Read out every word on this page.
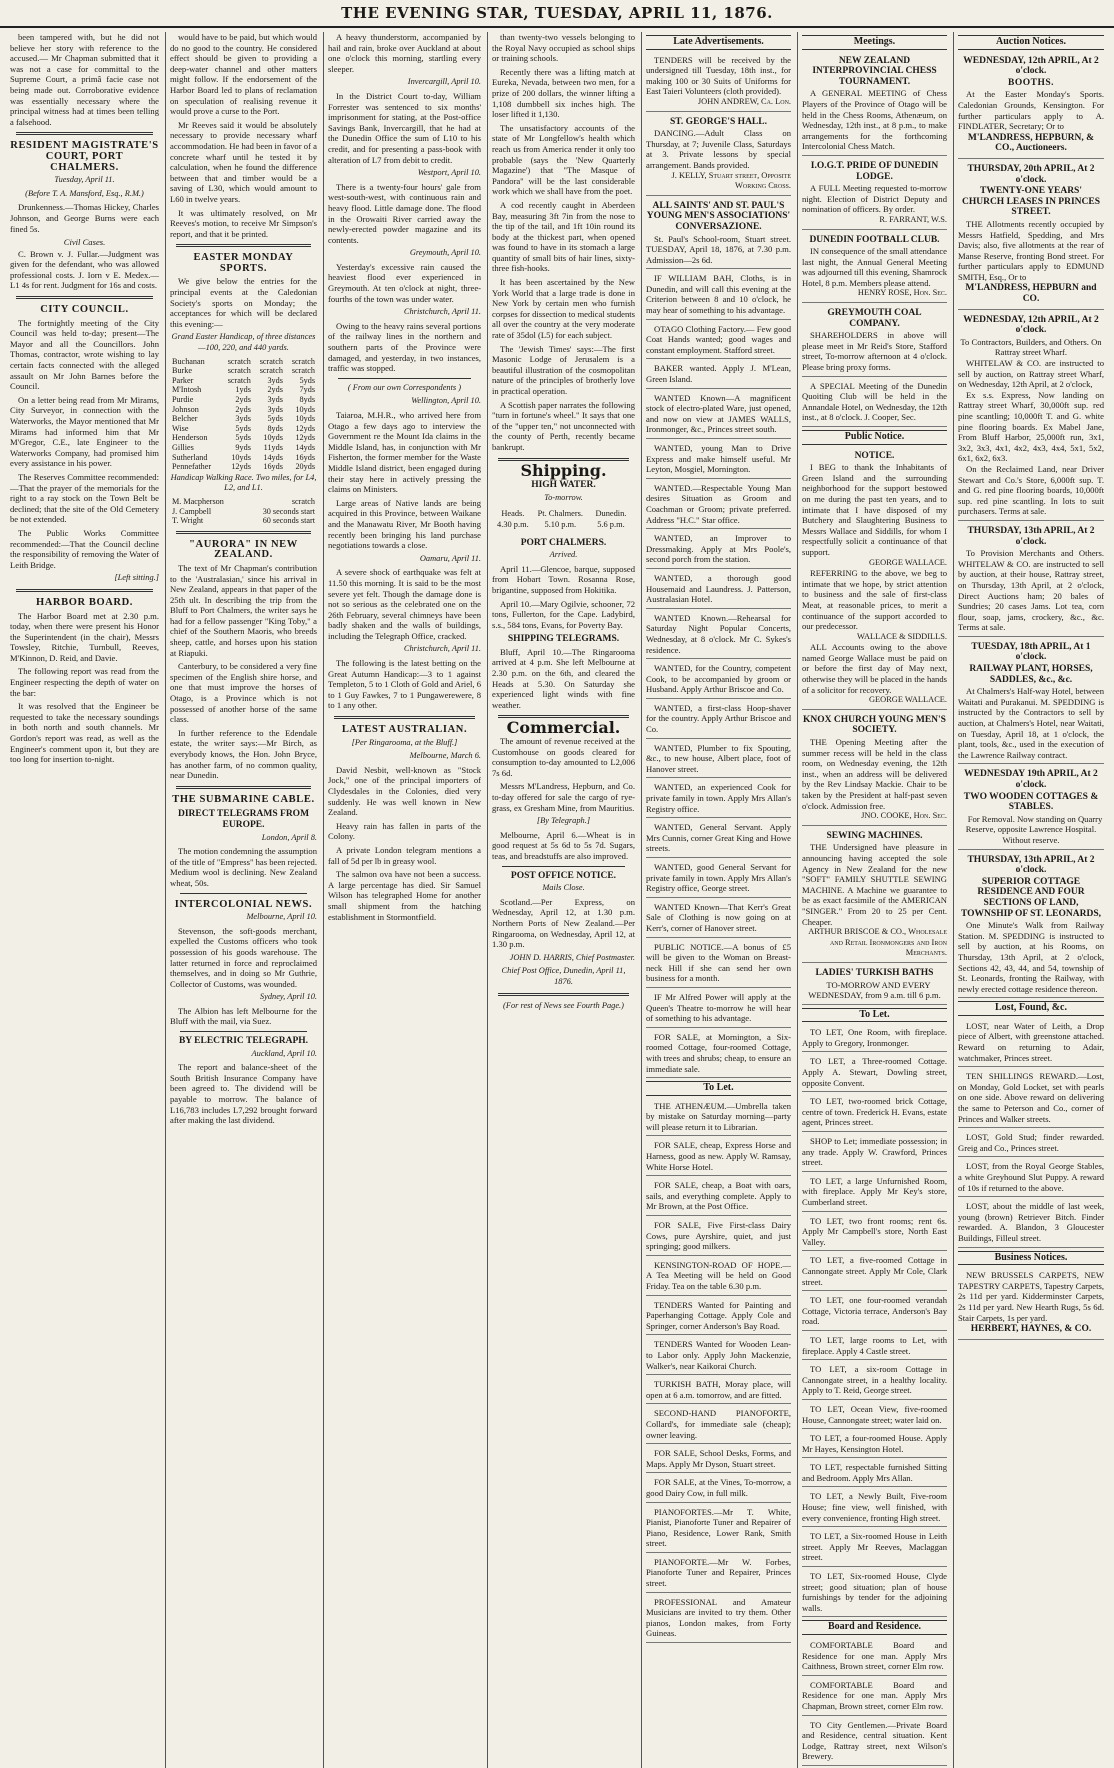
THE EVENING STAR, TUESDAY, APRIL 11, 1876.

been tampered with, but he did not believe her story with reference to the accused.— Mr Chapman submitted that it was not a case for committal to the Supreme Court, a primâ facie case not being made out. Corroborative evidence was essentially necessary where the principal witness had at times been telling a falsehood.

RESIDENT MAGISTRATE'S COURT, PORT CHALMERS.
Tuesday, April 11.
(Before T. A. Mansford, Esq., R.M.)

Drunkenness.—Thomas Hickey, Charles Johnson, and George Burns were each fined 5s.

Civil Cases.

C. Brown v. J. Fullar.—Judgment was given for the defendant, who was allowed professional costs. J. Iorn v E. Medex.—L1 4s for rent. Judgment for 16s and costs.

CITY COUNCIL.

The fortnightly meeting of the City Council was held to-day; present—The Mayor and all the Councillors. John Thomas, contractor, wrote wishing to lay certain facts connected with the alleged assault on Mr John Barnes before the Council.

On a letter being read from Mr Mirams, City Surveyor, in connection with the Waterworks, the Mayor mentioned that Mr Mirams had informed him that Mr M'Gregor, C.E., late Engineer to the Waterworks Company, had promised him every assistance in his power.

The Reserves Committee recommended:—That the prayer of the memorials for the right to a ray stock on the Town Belt be declined; that the site of the Old Cemetery be not extended.

The Public Works Committee recommended:—That the Council decline the responsibility of removing the Water of Leith Bridge.

[Left sitting.]
HARBOR BOARD.

The Harbor Board met at 2.30 p.m. today, when there were present his Honor the Superintendent (in the chair), Messrs Towsley, Ritchie, Turnbull, Reeves, M'Kinnon, D. Reid, and Davie.

The following report was read from the Engineer respecting the depth of water on the bar:

It was resolved that the Engineer be requested to take the necessary soundings in both north and south channels. Mr Gordon's report was read, as well as the Engineer's comment upon it, but they are too long for insertion to-night.

would have to be paid, but which would do no good to the country. He considered effect should be given to providing a deep-water channel and other matters might follow. If the endorsement of the Harbor Board led to plans of reclamation on speculation of realising revenue it would prove a curse to the Port.

Mr Reeves said it would be absolutely necessary to provide necessary wharf accommodation. He had been in favor of a concrete wharf until he tested it by calculation, when he found the difference between that and timber would be a saving of L30, which would amount to L60 in twelve years.

It was ultimately resolved, on Mr Reeves's motion, to receive Mr Simpson's report, and that it be printed.

EASTER MONDAY SPORTS.

We give below the entries for the principal events at the Caledonian Society's sports on Monday; the acceptances for which will be declared this evening:—

Grand Easter Handicap, of three distances—100, 220, and 440 yards.
Buchanan	scratch	scratch	scratch
Burke	scratch	scratch	scratch
Parker	scratch	3yds	5yds
M'Intosh	1yds	2yds	7yds
Purdie	2yds	3yds	8yds
Johnson	2yds	3yds	10yds
Belcher	3yds	5yds	10yds
Wise	5yds	8yds	12yds
Henderson	5yds	10yds	12yds
Gillies	9yds	11yds	14yds
Sutherland	10yds	14yds	16yds
Pennefather	12yds	16yds	20yds
Handicap Walking Race. Two miles, for L4, L2, and L1.
M. Macpherson	scratch
J. Campbell	30 seconds start
T. Wright	60 seconds start
"AURORA" IN NEW ZEALAND.

The text of Mr Chapman's contribution to the 'Australasian,' since his arrival in New Zealand, appears in that paper of the 25th ult. In describing the trip from the Bluff to Port Chalmers, the writer says he had for a fellow passenger "King Toby," a chief of the Southern Maoris, who breeds sheep, cattle, and horses upon his station at Riapuki.

Canterbury, to be considered a very fine specimen of the English shire horse, and one that must improve the horses of Otago, is a Province which is not possessed of another horse of the same class.

In further reference to the Edendale estate, the writer says:—Mr Birch, as everybody knows, the Hon. John Bryce, has another farm, of no common quality, near Dunedin.

THE SUBMARINE CABLE.
DIRECT TELEGRAMS FROM EUROPE.
London, April 8.

The motion condemning the assumption of the title of "Empress" has been rejected. Medium wool is declining. New Zealand wheat, 50s.

INTERCOLONIAL NEWS.
Melbourne, April 10.

Stevenson, the soft-goods merchant, expelled the Customs officers who took possession of his goods warehouse. The latter returned in force and reproclaimed themselves, and in doing so Mr Guthrie, Collector of Customs, was wounded.

Sydney, April 10.

The Albion has left Melbourne for the Bluff with the mail, via Suez.

BY ELECTRIC TELEGRAPH.
Auckland, April 10.

The report and balance-sheet of the South British Insurance Company have been agreed to. The dividend will be payable to morrow. The balance of L16,783 includes L7,292 brought forward after making the last dividend.

A heavy thunderstorm, accompanied by hail and rain, broke over Auckland at about one o'clock this morning, startling every sleeper.

Invercargill, April 10.

In the District Court to-day, William Forrester was sentenced to six months' imprisonment for stating, at the Post-office Savings Bank, Invercargill, that he had at the Dunedin Office the sum of L10 to his credit, and for presenting a pass-book with alteration of L7 from debit to credit.

Westport, April 10.

There is a twenty-four hours' gale from west-south-west, with continuous rain and heavy flood. Little damage done. The flood in the Orowaiti River carried away the newly-erected powder magazine and its contents.

Greymouth, April 10.

Yesterday's excessive rain caused the heaviest flood ever experienced in Greymouth. At ten o'clock at night, three-fourths of the town was under water.

Christchurch, April 11.

Owing to the heavy rains several portions of the railway lines in the northern and southern parts of the Province were damaged, and yesterday, in two instances, traffic was stopped.

( From our own Correspondents )
Wellington, April 10.

Taiaroa, M.H.R., who arrived here from Otago a few days ago to interview the Government re the Mount Ida claims in the Middle Island, has, in conjunction with Mr Fisherton, the former member for the Waste Middle Island district, been engaged during their stay here in actively pressing the claims on Ministers.

Large areas of Native lands are being acquired in this Province, between Waikane and the Manawatu River, Mr Booth having recently been bringing his land purchase negotiations towards a close.

Oamaru, April 11.

A severe shock of earthquake was felt at 11.50 this morning. It is said to be the most severe yet felt. Though the damage done is not so serious as the celebrated one on the 26th February, several chimneys have been badly shaken and the walls of buildings, including the Telegraph Office, cracked.

Christchurch, April 11.

The following is the latest betting on the Great Autumn Handicap:—3 to 1 against Templeton, 5 to 1 Cloth of Gold and Ariel, 6 to 1 Guy Fawkes, 7 to 1 Pungawerewere, 8 to 1 any other.

LATEST AUSTRALIAN.
[Per Ringarooma, at the Bluff.]
Melbourne, March 6.

David Nesbit, well-known as "Stock Jock," one of the principal importers of Clydesdales in the Colonies, died very suddenly. He was well known in New Zealand.

Heavy rain has fallen in parts of the Colony.

A private London telegram mentions a fall of 5d per lb in greasy wool.

The salmon ova have not been a success. A large percentage has died. Sir Samuel Wilson has telegraphed Home for another small shipment from the hatching establishment in Stormontfield.

than twenty-two vessels belonging to the Royal Navy occupied as school ships or training schools.

Recently there was a lifting match at Eureka, Nevada, between two men, for a prize of 200 dollars, the winner lifting a 1,108 dumbbell six inches high. The loser lifted it 1,130.

The unsatisfactory accounts of the state of Mr Longfellow's health which reach us from America render it only too probable (says the 'New Quarterly Magazine') that "The Masque of Pandora" will be the last considerable work which we shall have from the poet.

A cod recently caught in Aberdeen Bay, measuring 3ft 7in from the nose to the tip of the tail, and 1ft 10in round its body at the thickest part, when opened was found to have in its stomach a large quantity of small bits of hair lines, sixty-three fish-hooks.

It has been ascertained by the New York World that a large trade is done in New York by certain men who furnish corpses for dissection to medical students all over the country at the very moderate rate of 35dol (L5) for each subject.

The 'Jewish Times' says:—The first Masonic Lodge of Jerusalem is a beautiful illustration of the cosmopolitan nature of the principles of brotherly love in practical operation.

A Scottish paper narrates the following "turn in fortune's wheel." It says that one of the "upper ten," not unconnected with the county of Perth, recently became bankrupt.

Shipping.
HIGH WATER.
To-morrow.
Heads. 4.30 p.m.	Pt. Chalmers. 5.10 p.m.	Dunedin. 5.6 p.m.
PORT CHALMERS.
Arrived.

April 11.—Glencoe, barque, supposed from Hobart Town. Rosanna Rose, brigantine, supposed from Hokitika.

April 10.—Mary Ogilvie, schooner, 72 tons, Fullerton, for the Cape. Ladybird, s.s., 584 tons, Evans, for Poverty Bay.

SHIPPING TELEGRAMS.

Bluff, April 10.—The Ringarooma arrived at 4 p.m. She left Melbourne at 2.30 p.m. on the 6th, and cleared the Heads at 5.30. On Saturday she experienced light winds with fine weather.

Commercial.

The amount of revenue received at the Customhouse on goods cleared for consumption to-day amounted to L2,006 7s 6d.

Messrs M'Landress, Hepburn, and Co. to-day offered for sale the cargo of rye-grass, ex Gresham Mine, from Mauritius.

[By Telegraph.]

Melbourne, April 6.—Wheat is in good request at 5s 6d to 5s 7d. Sugars, teas, and breadstuffs are also improved.

POST OFFICE NOTICE.
Mails Close.

Scotland.—Per Express, on Wednesday, April 12, at 1.30 p.m. Northern Ports of New Zealand.—Per Ringarooma, on Wednesday, April 12, at 1.30 p.m.

JOHN D. HARRIS, Chief Postmaster.
Chief Post Office, Dunedin, April 11, 1876.
(For rest of News see Fourth Page.)
Late Advertisements.
TENDERS will be received by the undersigned till Tuesday, 18th inst., for making 100 or 30 Suits of Uniforms for East Taieri Volunteers (cloth provided).
JOHN ANDREW, Ca. Lon.
ST. GEORGE'S HALL.
DANCING.—Adult Class on Thursday, at 7; Juvenile Class, Saturdays at 3. Private lessons by special arrangement. Bands provided.
J. KELLY, Stuart street, Opposite Working Cross.
ALL SAINTS' AND ST. PAUL'S YOUNG MEN'S ASSOCIATIONS' CONVERSAZIONE.
St. Paul's School-room, Stuart street. TUESDAY, April 18, 1876, at 7.30 p.m. Admission—2s 6d.
IF WILLIAM BAH, Cloths, is in Dunedin, and will call this evening at the Criterion between 8 and 10 o'clock, he may hear of something to his advantage.
OTAGO Clothing Factory.— Few good Coat Hands wanted; good wages and constant employment. Stafford street.
BAKER wanted. Apply J. M'Lean, Green Island.
WANTED Known—A magnificent stock of electro-plated Ware, just opened, and now on view at JAMES WALLS, Ironmonger, &c., Princes street south.
WANTED, young Man to Drive Express and make himself useful. Mr Leyton, Mosgiel, Mornington.
WANTED.—Respectable Young Man desires Situation as Groom and Coachman or Groom; private preferred. Address "H.C." Star office.
WANTED, an Improver to Dressmaking. Apply at Mrs Poole's, second porch from the station.
WANTED, a thorough good Housemaid and Laundress. J. Patterson, Australasian Hotel.
WANTED Known.—Rehearsal for Saturday Night Popular Concerts, Wednesday, at 8 o'clock. Mr C. Sykes's residence.
WANTED, for the Country, competent Cook, to be accompanied by groom or Husband. Apply Arthur Briscoe and Co.
WANTED, a first-class Hoop-shaver for the country. Apply Arthur Briscoe and Co.
WANTED, Plumber to fix Spouting, &c., to new house, Albert place, foot of Hanover street.
WANTED, an experienced Cook for private family in town. Apply Mrs Allan's Registry office.
WANTED, General Servant. Apply Mrs Cunnis, corner Great King and Howe streets.
WANTED, good General Servant for private family in town. Apply Mrs Allan's Registry office, George street.
WANTED Known—That Kerr's Great Sale of Clothing is now going on at Kerr's, corner of Hanover street.
PUBLIC NOTICE.—A bonus of £5 will be given to the Woman on Breast-neck Hill if she can send her own business for a month.
IF Mr Alfred Power will apply at the Queen's Theatre to-morrow he will hear of something to his advantage.
FOR SALE, at Mornington, a Six-roomed Cottage, four-roomed Cottage, with trees and shrubs; cheap, to ensure an immediate sale.
To Let.
THE ATHENÆUM.—Umbrella taken by mistake on Saturday morning—party will please return it to Librarian.
FOR SALE, cheap, Express Horse and Harness, good as new. Apply W. Ramsay, White Horse Hotel.
FOR SALE, cheap, a Boat with oars, sails, and everything complete. Apply to Mr Brown, at the Post Office.
FOR SALE, Five First-class Dairy Cows, pure Ayrshire, quiet, and just springing; good milkers.
KENSINGTON-ROAD OF HOPE.—A Tea Meeting will be held on Good Friday. Tea on the table 6.30 p.m.
TENDERS Wanted for Painting and Paperhanging Cottage. Apply Cole and Springer, corner Anderson's Bay Road.
TENDERS Wanted for Wooden Lean-to Labor only. Apply John Mackenzie, Walker's, near Kaikorai Church.
TURKISH BATH, Moray place, will open at 6 a.m. tomorrow, and are fitted.
SECOND-HAND PIANOFORTE, Collard's, for immediate sale (cheap); owner leaving.
FOR SALE, School Desks, Forms, and Maps. Apply Mr Dyson, Stuart street.
FOR SALE, at the Vines, To-morrow, a good Dairy Cow, in full milk.
PIANOFORTES.—Mr T. White, Pianist, Pianoforte Tuner and Repairer of Piano, Residence, Lower Rank, Smith street.
PIANOFORTE.—Mr W. Forbes, Pianoforte Tuner and Repairer, Princes street.
PROFESSIONAL and Amateur Musicians are invited to try them. Other pianos, London makes, from Forty Guineas.
Meetings.
NEW ZEALAND INTERPROVINCIAL CHESS TOURNAMENT.
A GENERAL MEETING of Chess Players of the Province of Otago will be held in the Chess Rooms, Athenæum, on Wednesday, 12th inst., at 8 p.m., to make arrangements for the forthcoming Intercolonial Chess Match.
I.O.G.T. PRIDE OF DUNEDIN LODGE.
A FULL Meeting requested to-morrow night. Election of District Deputy and nomination of officers. By order.
R. FARRANT, W.S.
DUNEDIN FOOTBALL CLUB.
IN consequence of the small attendance last night, the Annual General Meeting was adjourned till this evening, Shamrock Hotel, 8 p.m. Members please attend.
HENRY ROSE, Hon. Sec.
GREYMOUTH COAL COMPANY.
SHAREHOLDERS in above will please meet in Mr Reid's Store, Stafford street, To-morrow afternoon at 4 o'clock. Please bring proxy forms.
A SPECIAL Meeting of the Dunedin Quoiting Club will be held in the Annandale Hotel, on Wednesday, the 12th inst., at 8 o'clock. J. Cooper, Sec.
Public Notice.
NOTICE.
I BEG to thank the Inhabitants of Green Island and the surrounding neighborhood for the support bestowed on me during the past ten years, and to intimate that I have disposed of my Butchery and Slaughtering Business to Messrs Wallace and Siddills, for whom I respectfully solicit a continuance of that support.
GEORGE WALLACE.
REFERRING to the above, we beg to intimate that we hope, by strict attention to business and the sale of first-class Meat, at reasonable prices, to merit a continuance of the support accorded to our predecessor.
WALLACE & SIDDILLS.
ALL Accounts owing to the above named George Wallace must be paid on or before the first day of May next, otherwise they will be placed in the hands of a solicitor for recovery.
GEORGE WALLACE.
KNOX CHURCH YOUNG MEN'S SOCIETY.
THE Opening Meeting after the summer recess will be held in the class room, on Wednesday evening, the 12th inst., when an address will be delivered by the Rev Lindsay Mackie. Chair to be taken by the President at half-past seven o'clock. Admission free.
JNO. COOKE, Hon. Sec.
SEWING MACHINES.
THE Undersigned have pleasure in announcing having accepted the sole Agency in New Zealand for the new "SOFT" FAMILY SHUTTLE SEWING MACHINE. A Machine we guarantee to be as exact facsimile of the AMERICAN "SINGER." From 20 to 25 per Cent. Cheaper.
ARTHUR BRISCOE & CO., Wholesale and Retail Ironmongers and Iron Merchants.
LADIES' TURKISH BATHS
TO-MORROW AND EVERY WEDNESDAY, from 9 a.m. till 6 p.m.
To Let.
TO LET, One Room, with fireplace. Apply to Gregory, Ironmonger.
TO LET, a Three-roomed Cottage. Apply A. Stewart, Dowling street, opposite Convent.
TO LET, two-roomed brick Cottage, centre of town. Frederick H. Evans, estate agent, Princes street.
SHOP to Let; immediate possession; in any trade. Apply W. Crawford, Princes street.
TO LET, a large Unfurnished Room, with fireplace. Apply Mr Key's store, Cumberland street.
TO LET, two front rooms; rent 6s. Apply Mr Campbell's store, North East Valley.
TO LET, a five-roomed Cottage in Cannongate street. Apply Mr Cole, Clark street.
TO LET, one four-roomed verandah Cottage, Victoria terrace, Anderson's Bay road.
TO LET, large rooms to Let, with fireplace. Apply 4 Castle street.
TO LET, a six-room Cottage in Cannongate street, in a healthy locality. Apply to T. Reid, George street.
TO LET, Ocean View, five-roomed House, Cannongate street; water laid on.
TO LET, a four-roomed House. Apply Mr Hayes, Kensington Hotel.
TO LET, respectable furnished Sitting and Bedroom. Apply Mrs Allan.
TO LET, a Newly Built, Five-room House; fine view, well finished, with every convenience, fronting High street.
TO LET, a Six-roomed House in Leith street. Apply Mr Reeves, Maclaggan street.
TO LET, Six-roomed House, Clyde street; good situation; plan of house furnishings by tender for the adjoining walls.
Board and Residence.
COMFORTABLE Board and Residence for one man. Apply Mrs Caithness, Brown street, corner Elm row.
COMFORTABLE Board and Residence for one man. Apply Mrs Chapman, Brown street, corner Elm row.
TO City Gentlemen.—Private Board and Residence, central situation. Kent Lodge, Rattray street, next Wilson's Brewery.
Auction Notices.
WEDNESDAY, 12th APRIL, At 2 o'clock.
BOOTHS.
At the Easter Monday's Sports. Caledonian Grounds, Kensington. For further particulars apply to A. FINDLATER, Secretary; Or to
M'LANDRESS, HEPBURN, & CO., Auctioneers.
THURSDAY, 20th APRIL, At 2 o'clock.
TWENTY-ONE YEARS' CHURCH LEASES IN PRINCES STREET.
THE Allotments recently occupied by Messrs Hatfield, Spedding, and Mrs Davis; also, five allotments at the rear of Manse Reserve, fronting Bond street. For further particulars apply to EDMUND SMITH, Esq., Or to
M'LANDRESS, HEPBURN and CO.
WEDNESDAY, 12th APRIL, At 2 o'clock.
To Contractors, Builders, and Others. On Rattray street Wharf.
WHITELAW & CO. are instructed to sell by auction, on Rattray street Wharf, on Wednesday, 12th April, at 2 o'clock,
Ex s.s. Express, Now landing on Rattray street Wharf, 30,000ft sup. red pine scantling; 10,000ft T. and G. white pine flooring boards. Ex Mabel Jane, From Bluff Harbor, 25,000ft run, 3x1, 3x2, 3x3, 4x1, 4x2, 4x3, 4x4, 5x1, 5x2, 6x1, 6x2, 6x3.
On the Reclaimed Land, near Driver Stewart and Co.'s Store, 6,000ft sup. T. and G. red pine flooring boards, 10,000ft sup. red pine scantling. In lots to suit purchasers. Terms at sale.
THURSDAY, 13th APRIL, At 2 o'clock.
To Provision Merchants and Others. WHITELAW & CO. are instructed to sell by auction, at their house, Rattray street, on Thursday, 13th April, at 2 o'clock, Direct Auctions ham; 20 bales of Sundries; 20 cases Jams. Lot tea, corn flour, soap, jams, crockery, &c., &c. Terms at sale.
TUESDAY, 18th APRIL, At 1 o'clock.
RAILWAY PLANT, HORSES, SADDLES, &c., &c.
At Chalmers's Half-way Hotel, between Waitati and Purakanui. M. SPEDDING is instructed by the Contractors to sell by auction, at Chalmers's Hotel, near Waitati, on Tuesday, April 18, at 1 o'clock, the plant, tools, &c., used in the execution of the Lawrence Railway contract.
WEDNESDAY 19th APRIL, At 2 o'clock.
TWO WOODEN COTTAGES & STABLES.
For Removal. Now standing on Quarry Reserve, opposite Lawrence Hospital. Without reserve.
THURSDAY, 13th APRIL, At 2 o'clock.
SUPERIOR COTTAGE RESIDENCE AND FOUR SECTIONS OF LAND, TOWNSHIP OF ST. LEONARDS,
One Minute's Walk from Railway Station. M. SPEDDING is instructed to sell by auction, at his Rooms, on Thursday, 13th April, at 2 o'clock, Sections 42, 43, 44, and 54, township of St. Leonards, fronting the Railway, with newly erected cottage residence thereon.
Lost, Found, &c.
LOST, near Water of Leith, a Drop piece of Albert, with greenstone attached. Reward on returning to Adair, watchmaker, Princes street.
TEN SHILLINGS REWARD.—Lost, on Monday, Gold Locket, set with pearls on one side. Above reward on delivering the same to Peterson and Co., corner of Princes and Walker streets.
LOST, Gold Stud; finder rewarded. Greig and Co., Princes street.
LOST, from the Royal George Stables, a white Greyhound Slut Puppy. A reward of 10s if returned to the above.
LOST, about the middle of last week, young (brown) Retriever Bitch. Finder rewarded. A. Blandon, 3 Gloucester Buildings, Filleul street.
Business Notices.
NEW BRUSSELS CARPETS, NEW TAPESTRY CARPETS, Tapestry Carpets, 2s 11d per yard. Kidderminster Carpets, 2s 11d per yard. New Hearth Rugs, 5s 6d. Stair Carpets, 1s per yard.
HERBERT, HAYNES, & CO.
